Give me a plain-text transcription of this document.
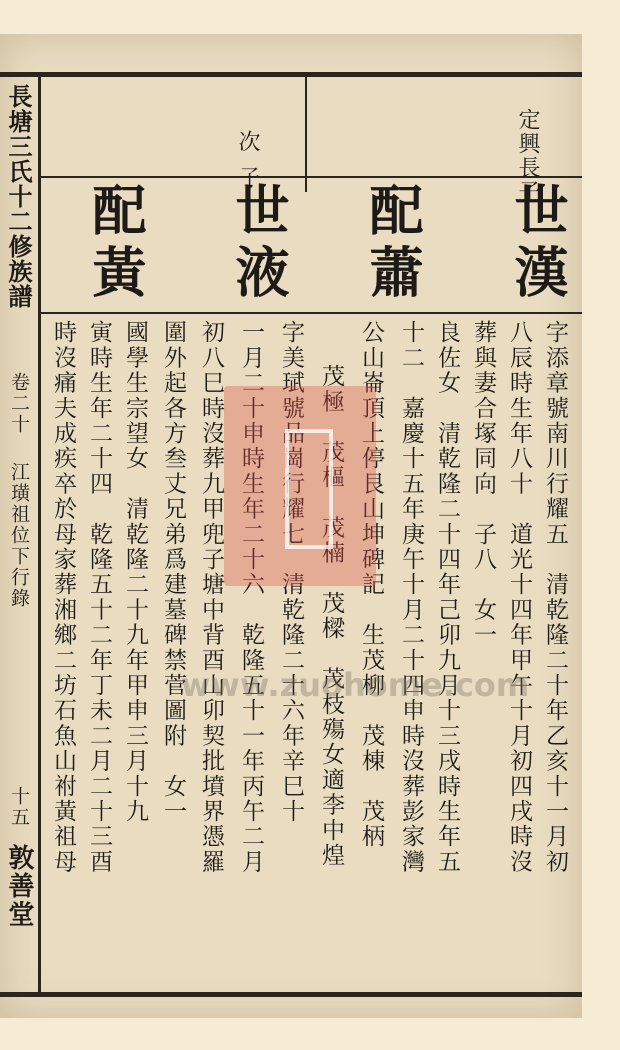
長塘三氏十二修族譜
卷二十
江璜祖位下行錄
十五
敦善堂
定興長子
次子
世漢
配蕭
世液
配黃
字添章號南川行耀五　清乾隆二十年乙亥十一月初
八辰時生年八十　道光十四年甲午十月初四戌時沒
葬與妻合塚同向　子八　女一
良佐女　清乾隆二十四年己卯九月十三戌時生年五
十二　嘉慶十五年庚午十月二十四申時沒葬彭家灣
公山崙頂上停艮山坤碑記　生茂柳　茂棟　茂柄
茂極　茂樞　茂楠　茂樑　茂枝殤女適李中煌
字美珷號品崗行耀七　清乾隆二十六年辛巳十
一月二十申時生年二十六　乾隆五十一年丙午二月
初八巳時沒葬九甲兜子塘中背酉山卯契批墳界憑羅
圍外起各方叁丈兄弟爲建墓碑禁菅圖附　女一
國學生宗望女　清乾隆二十九年甲申三月十九
寅時生年二十四　乾隆五十二年丁未二月二十三酉
時沒痛夫成疾卒於母家葬湘鄉二坊石魚山祔黃祖母	www.zuohome.com
